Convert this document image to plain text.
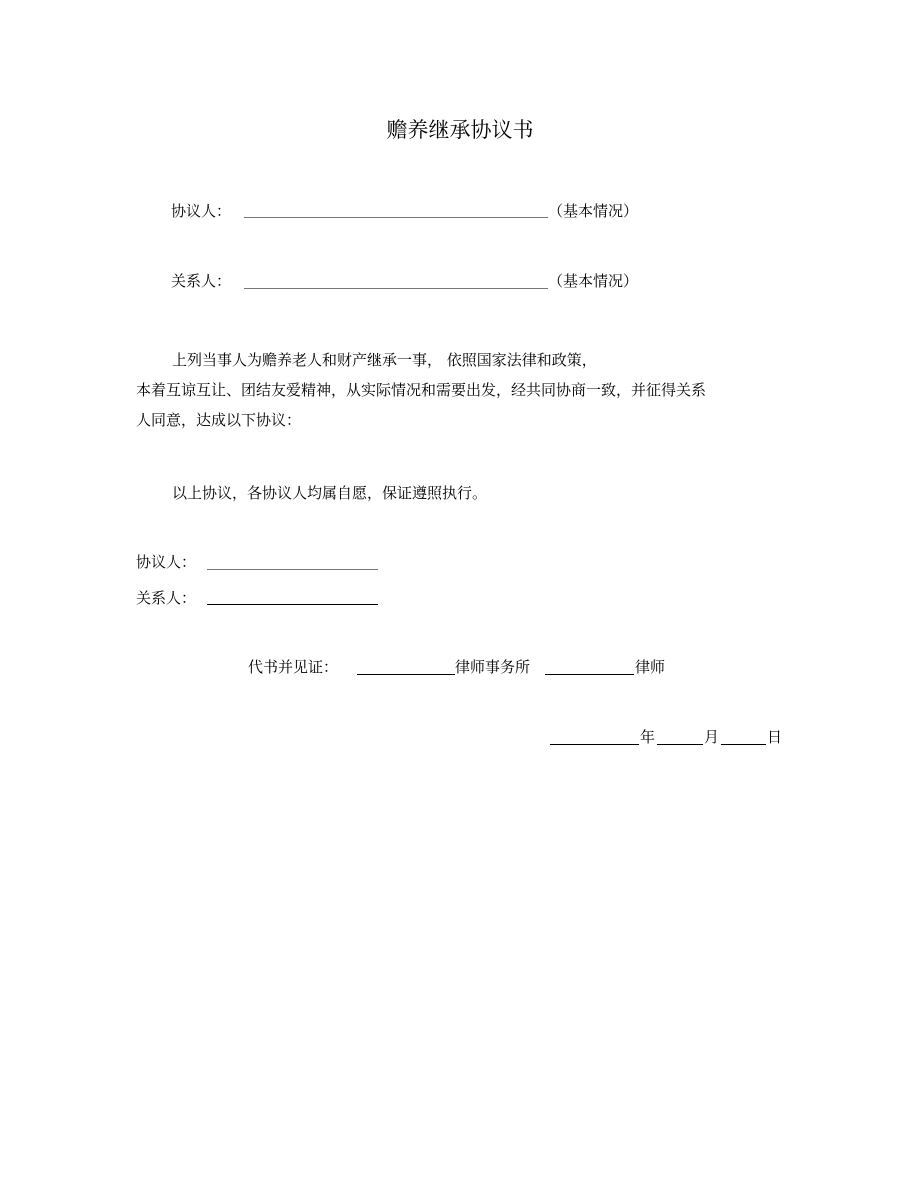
赡养继承协议书
协议人：	（基本情况）
关系人：	（基本情况）
上列当事人为赡养老人和财产继承一事， 依照国家法律和政策，
本着互谅互让、团结友爱精神，从实际情况和需要出发，经共同协商一致，并征得关系
人同意，达成以下协议：
以上协议，各协议人均属自愿，保证遵照执行。
协议人：
关系人：
代书并见证：	律师事务所	律师
年	月	日
